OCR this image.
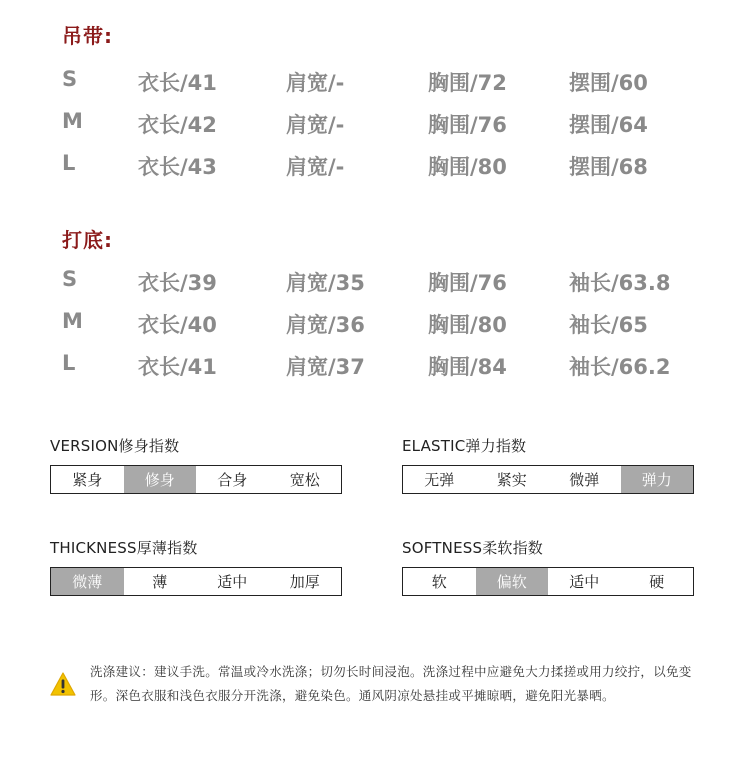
吊带:
S	衣长/41	肩宽/-	胸围/72	摆围/60
M	衣长/42	肩宽/-	胸围/76	摆围/64
L	衣长/43	肩宽/-	胸围/80	摆围/68
打底:
S	衣长/39	肩宽/35	胸围/76	袖长/63.8
M	衣长/40	肩宽/36	胸围/80	袖长/65
L	衣长/41	肩宽/37	胸围/84	袖长/66.2
VERSION修身指数
紧身	修身	合身	宽松
ELASTIC弹力指数
无弹	紧实	微弹	弹力
THICKNESS厚薄指数
微薄	薄	适中	加厚
SOFTNESS柔软指数
软	偏软	适中	硬
洗涤建议：建议手洗。常温或冷水洗涤；切勿长时间浸泡。洗涤过程中应避免大力揉搓或用力绞拧，以免变形。深色衣服和浅色衣服分开洗涤，避免染色。通风阴凉处悬挂或平摊晾晒，避免阳光暴晒。
